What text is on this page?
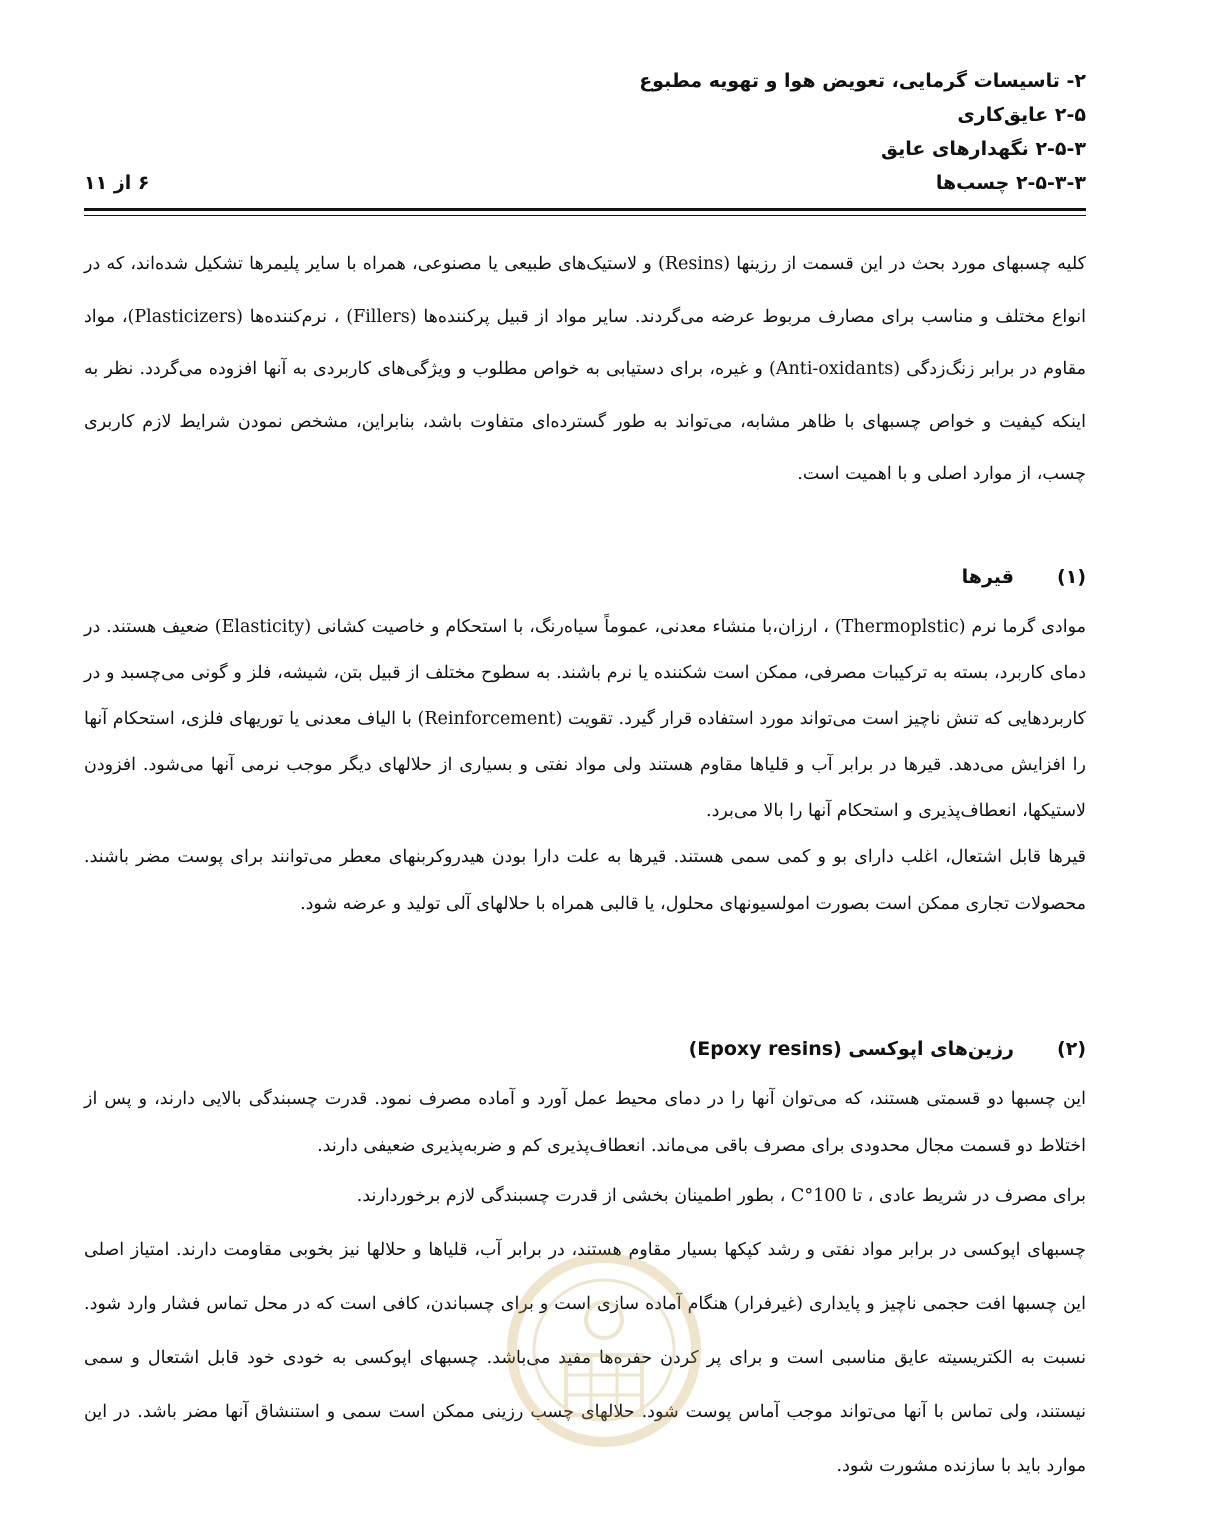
۲- تاسیسات گرمایی، تعویض هوا و تهویه مطبوع
۲-۵ عایق‌کاری
۲-۵-۳ نگهدارهای عایق
۲-۵-۳-۳ چسب‌ها
۶ از ۱۱

کلیه چسبهای مورد بحث در این قسمت از رزینها (Resins) و لاستیک‌های طبیعی یا مصنوعی، همراه با سایر پلیمرها تشکیل شده‌اند، که در انواع مختلف و مناسب برای مصارف مربوط عرضه می‌گردند. سایر مواد از قبیل پرکننده‌ها (Fillers) ، نرم‌کننده‌ها (Plasticizers)، مواد مقاوم در برابر زنگ‌زدگی (Anti-oxidants) و غیره، برای دستیابی به خواص مطلوب و ویژگی‌های کاربردی به آنها افزوده می‌گردد. نظر به اینکه کیفیت و خواص چسبهای با ظاهر مشابه، می‌تواند به طور گسترده‌ای متفاوت باشد، بنابراین، مشخص نمودن شرایط لازم کاربری چسب، از موارد اصلی و با اهمیت است.

(۱)
قیرها

موادی گرما نرم (Thermoplstic) ، ارزان،با منشاء معدنی، عموماً سیاه‌رنگ، با استحکام و خاصیت کشانی (Elasticity) ضعیف هستند. در دمای کاربرد، بسته به ترکیبات مصرفی، ممکن است شکننده یا نرم باشند. به سطوح مختلف از قبیل بتن، شیشه، فلز و گونی می‌چسبد و در کاربردهایی که تنش ناچیز است می‌تواند مورد استفاده قرار گیرد. تقویت (Reinforcement) با الیاف معدنی یا توریهای فلزی، استحکام آنها را افزایش می‌دهد. قیرها در برابر آب و قلیاها مقاوم هستند ولی مواد نفتی و بسیاری از حلالهای دیگر موجب نرمی آنها می‌شود. افزودن لاستیکها، انعطاف‌پذیری و استحکام آنها را بالا می‌برد.

قیرها قابل اشتعال، اغلب دارای بو و کمی سمی هستند. قیرها به علت دارا بودن هیدروکربنهای معطر می‌توانند برای پوست مضر باشند. محصولات تجاری ممکن است بصورت امولسیونهای محلول، یا قالبی همراه با حلالهای آلی تولید و عرضه شود.

(۲)
رزین‌های اپوکسی (Epoxy resins)

این چسبها دو قسمتی هستند، که می‌توان آنها را در دمای محیط عمل آورد و آماده مصرف نمود. قدرت چسبندگی بالایی دارند، و پس از اختلاط دو قسمت مجال محدودی برای مصرف باقی می‌ماند. انعطاف‌پذیری کم و ضربه‌پذیری ضعیفی دارند.

برای مصرف در شریط عادی ، تا 100°C ، بطور اطمینان بخشی از قدرت چسبندگی لازم برخوردارند.

چسبهای اپوکسی در برابر مواد نفتی و رشد کپکها بسیار مقاوم هستند، در برابر آب، قلیاها و حلالها نیز بخوبی مقاومت دارند. امتیاز اصلی این چسبها افت حجمی ناچیز و پایداری (غیرفرار) هنگام آماده سازی است و برای چسباندن، کافی است که در محل تماس فشار وارد شود. نسبت به الکتریسیته عایق مناسبی است و برای پر کردن حفره‌ها مفید می‌باشد. چسبهای اپوکسی به خودی خود قابل اشتعال و سمی نیستند، ولی تماس با آنها می‌تواند موجب آماس پوست شود. حلالهای چسب رزینی ممکن است سمی و استنشاق آنها مضر باشد. در این موارد باید با سازنده مشورت شود.
